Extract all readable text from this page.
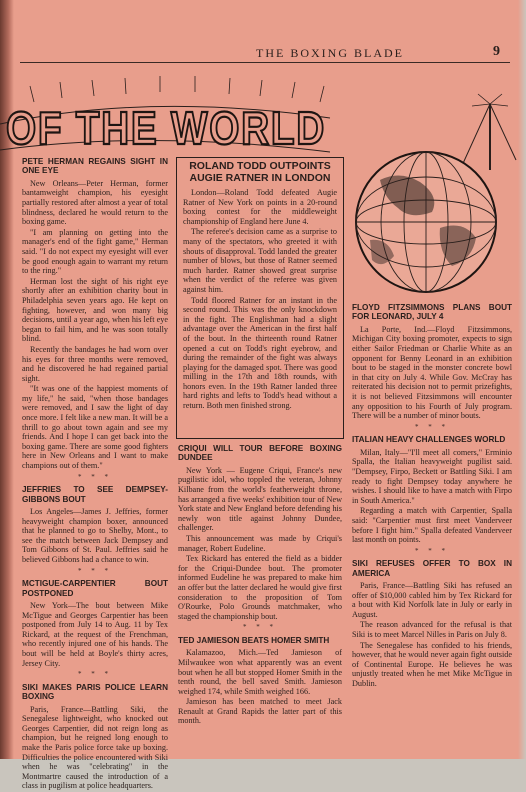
THE BOXING BLADE	9
OF THE WORLD
PETE HERMAN REGAINS SIGHT IN ONE EYE

New Orleans—Peter Herman, former bantamweight champion, his eyesight partially restored after almost a year of total blindness, declared he would return to the boxing game.

"I am planning on getting into the manager's end of the fight game," Herman said. "I do not expect my eyesight will ever be good enough again to warrant my return to the ring."

Herman lost the sight of his right eye shortly after an exhibition charity bout in Philadelphia seven years ago. He kept on fighting, however, and won many big decisions, until a year ago, when his left eye began to fail him, and he was soon totally blind.

Recently the bandages he had worn over his eyes for three months were removed, and he discovered he had regained partial sight.

"It was one of the happiest moments of my life," he said, "when those bandages were removed, and I saw the light of day once more. I felt like a new man. It will be a thrill to go about town again and see my friends. And I hope I can get back into the boxing game. There are some good fighters here in New Orleans and I want to make champions out of them."

* * *
JEFFRIES TO SEE DEMPSEY-GIBBONS BOUT

Los Angeles—James J. Jeffries, former heavyweight champion boxer, announced that he planned to go to Shelby, Mont., to see the match between Jack Dempsey and Tom Gibbons of St. Paul. Jeffries said he believed Gibbons had a chance to win.

* * *
MCTIGUE-CARPENTIER BOUT POSTPONED

New York—The bout between Mike McTigue and Georges Carpentier has been postponed from July 14 to Aug. 11 by Tex Rickard, at the request of the Frenchman, who recently injured one of his hands. The bout will be held at Boyle's thirty acres, Jersey City.

* * *
SIKI MAKES PARIS POLICE LEARN BOXING

Paris, France—Battling Siki, the Senegalese lightweight, who knocked out Georges Carpentier, did not reign long as champion, but he reigned long enough to make the Paris police force take up boxing. Difficulties the police encountered with Siki when he was "celebrating" in the Montmartre caused the introduction of a class in pugilism at police headquarters.

ROLAND TODD OUTPOINTS AUGIE RATNER IN LONDON

London—Roland Todd defeated Augie Ratner of New York on points in a 20-round boxing contest for the middleweight championship of England here June 4.

The referee's decision came as a surprise to many of the spectators, who greeted it with shouts of disapproval. Todd landed the greater number of blows, but those of Ratner seemed much harder. Ratner showed great surprise when the verdict of the referee was given against him.

Todd floored Ratner for an instant in the second round. This was the only knockdown in the fight. The Englishman had a slight advantage over the American in the first half of the bout. In the thirteenth round Ratner opened a cut on Todd's right eyebrow, and during the remainder of the fight was always playing for the damaged spot. There was good milling in the 17th and 18th rounds, with honors even. In the 19th Ratner landed three hard rights and lefts to Todd's head without a return. Both men finished strong.

CRIQUI WILL TOUR BEFORE BOXING DUNDEE

New York — Eugene Criqui, France's new pugilistic idol, who toppled the veteran, Johnny Kilbane from the world's featherweight throne, has arranged a five weeks' exhibition tour of New York state and New England before defending his newly won title against Johnny Dundee, challenger.

This announcement was made by Criqui's manager, Robert Eudeline.

Tex Rickard has entered the field as a bidder for the Criqui-Dundee bout. The promoter informed Eudeline he was prepared to make him an offer but the latter declared he would give first consideration to the proposition of Tom O'Rourke, Polo Grounds matchmaker, who staged the championship bout.

* * *
TED JAMIESON BEATS HOMER SMITH

Kalamazoo, Mich.—Ted Jamieson of Milwaukee won what apparently was an event bout when he all but stopped Homer Smith in the tenth round, the bell saved Smith. Jamieson weighed 174, while Smith weighed 166.

Jamieson has been matched to meet Jack Renault at Grand Rapids the latter part of this month.

FLOYD FITZSIMMONS PLANS BOUT FOR LEONARD, JULY 4

La Porte, Ind.—Floyd Fitzsimmons, Michigan City boxing promoter, expects to sign either Sailor Friedman or Charlie White as an opponent for Benny Leonard in an exhibition bout to be staged in the monster concrete bowl in that city on July 4. While Gov. McCray has reiterated his decision not to permit prizefights, it is not believed Fitzsimmons will encounter any opposition to his Fourth of July program. There will be a number of minor bouts.

* * *
ITALIAN HEAVY CHALLENGES WORLD

Milan, Italy—"I'll meet all comers," Erminio Spalla, the Italian heavyweight pugilist said. "Dempsey, Firpo, Beckett or Battling Siki. I am ready to fight Dempsey today anywhere he wishes. I should like to have a match with Firpo in South America."

Regarding a match with Carpentier, Spalla said: "Carpentier must first meet Vanderveer before I fight him." Spalla defeated Vanderveer last month on points.

* * *
SIKI REFUSES OFFER TO BOX IN AMERICA

Paris, France—Battling Siki has refused an offer of $10,000 cabled him by Tex Rickard for a bout with Kid Norfolk late in July or early in August.

The reason advanced for the refusal is that Siki is to meet Marcel Nilles in Paris on July 8.

The Senegalese has confided to his friends, however, that he would never again fight outside of Continental Europe. He believes he was unjustly treated when he met Mike McTigue in Dublin.
